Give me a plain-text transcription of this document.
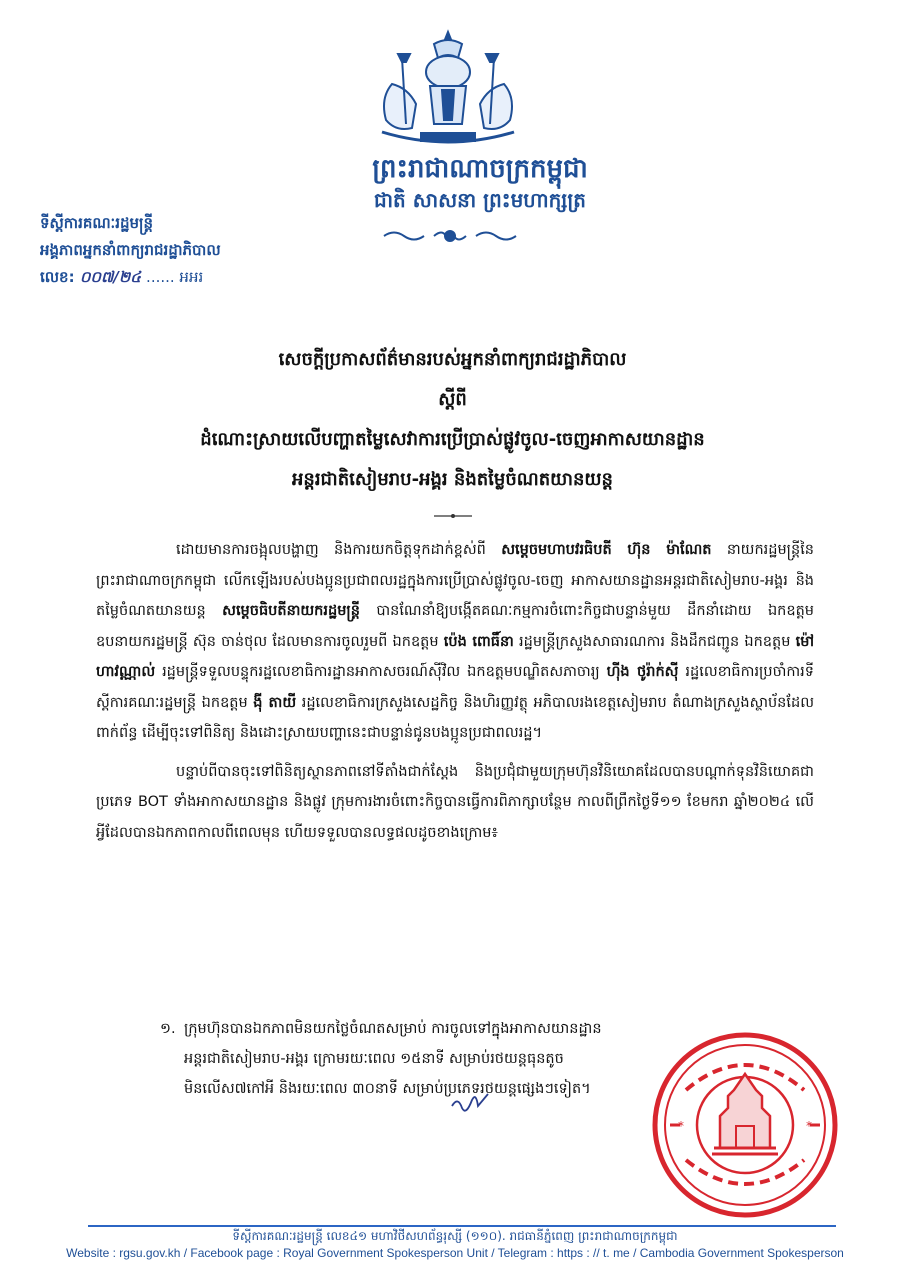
ព្រះរាជាណាចក្រកម្ពុជា
ជាតិ សាសនា ព្រះមហាក្សត្រ
ទីស្តីការគណៈរដ្ឋមន្ត្រី
អង្គភាពអ្នកនាំពាក្យរាជរដ្ឋាភិបាល
លេខ: ០០៧/២៤ ...... អអរ
សេចក្តីប្រកាសព័ត៌មានរបស់អ្នកនាំពាក្យរាជរដ្ឋាភិបាល
ស្តីពី
ដំណោះស្រាយលើបញ្ហាតម្លៃសេវាការប្រើប្រាស់ផ្លូវចូល-ចេញអាកាសយានដ្ឋាន
អន្តរជាតិសៀមរាប-អង្គរ និងតម្លៃចំណតយានយន្ត

ដោយមានការចង្អុលបង្ហាញ និងការយកចិត្តទុកដាក់ខ្ពស់ពី សម្តេចមហាបវរធិបតី ហ៊ុន ម៉ាណែត នាយករដ្ឋមន្ត្រីនៃព្រះរាជាណាចក្រកម្ពុជា លើកឡើងរបស់បងប្អូនប្រជាពលរដ្ឋក្នុងការប្រើប្រាស់ផ្លូវចូល-ចេញ អាកាសយានដ្ឋានអន្តរជាតិសៀមរាប-អង្គរ និងតម្លៃចំណតយានយន្ត សម្តេចធិបតីនាយករដ្ឋមន្ត្រី បានណែនាំឱ្យបង្កើតគណៈកម្មការចំពោះកិច្ចជាបន្ទាន់មួយ ដឹកនាំដោយ ឯកឧត្តមឧបនាយករដ្ឋមន្ត្រី ស៊ុន ចាន់ថុល ដែលមានការចូលរួមពី ឯកឧត្តម ប៉េង ពោធិ៍នា រដ្ឋមន្ត្រីក្រសួងសាធារណការ និងដឹកជញ្ជូន ឯកឧត្តម ម៉ៅ ហាវណ្ណាល់ រដ្ឋមន្ត្រីទទួលបន្ទុករដ្ឋលេខាធិការដ្ឋានអាកាសចរណ៍ស៊ីវិល ឯកឧត្តមបណ្ឌិតសភាចារ្យ ហ៊ីង ថូរ៉ាក់ស៊ី រដ្ឋលេខាធិការប្រចាំការទីស្តីការគណៈរដ្ឋមន្ត្រី ឯកឧត្តម ង៉ី តាយី រដ្ឋលេខាធិការក្រសួងសេដ្ឋកិច្ច និងហិរញ្ញវត្ថុ អភិបាលរងខេត្តសៀមរាប តំណាងក្រសួងស្ថាប័នដែលពាក់ព័ន្ធ ដើម្បីចុះទៅពិនិត្យ និងដោះស្រាយបញ្ហានេះជាបន្ទាន់ជូនបងប្អូនប្រជាពលរដ្ឋ។

បន្ទាប់ពីបានចុះទៅពិនិត្យស្ថានភាពនៅទីតាំងជាក់ស្តែង និងប្រជុំជាមួយក្រុមហ៊ុនវិនិយោគដែលបានបណ្តាក់ទុនវិនិយោគជាប្រភេទ BOT ទាំងអាកាសយានដ្ឋាន និងផ្លូវ ក្រុមការងារចំពោះកិច្ចបានធ្វើការពិភាក្សាបន្ថែម កាលពីព្រឹកថ្ងៃទី១១ ខែមករា ឆ្នាំ២០២៤ លើអ្វីដែលបានឯកភាពកាលពីពេលមុន ហើយទទួលបានលទ្ធផលដូចខាងក្រោម៖

១. ក្រុមហ៊ុនបានឯកភាពមិនយកថ្លៃចំណតសម្រាប់ ការចូលទៅក្នុងអាកាសយានដ្ឋានអន្តរជាតិសៀមរាប-អង្គរ ក្រោមរយៈពេល ១៥នាទី សម្រាប់រថយន្តធុនតូចមិនលើស៧កៅអី និងរយៈពេល ៣០នាទី សម្រាប់ប្រភេទរថយន្តផ្សេងៗទៀត។
*	*
ទីស្តីការគណៈរដ្ឋមន្ត្រី លេខ៤១ មហាវិថីសហព័ន្ធរុស្សី (១១០). រាជធានីភ្នំពេញ ព្រះរាជាណាចក្រកម្ពុជា
Website : rgsu.gov.kh / Facebook page : Royal Government Spokesperson Unit / Telegram : https : // t. me / Cambodia Government Spokesperson
